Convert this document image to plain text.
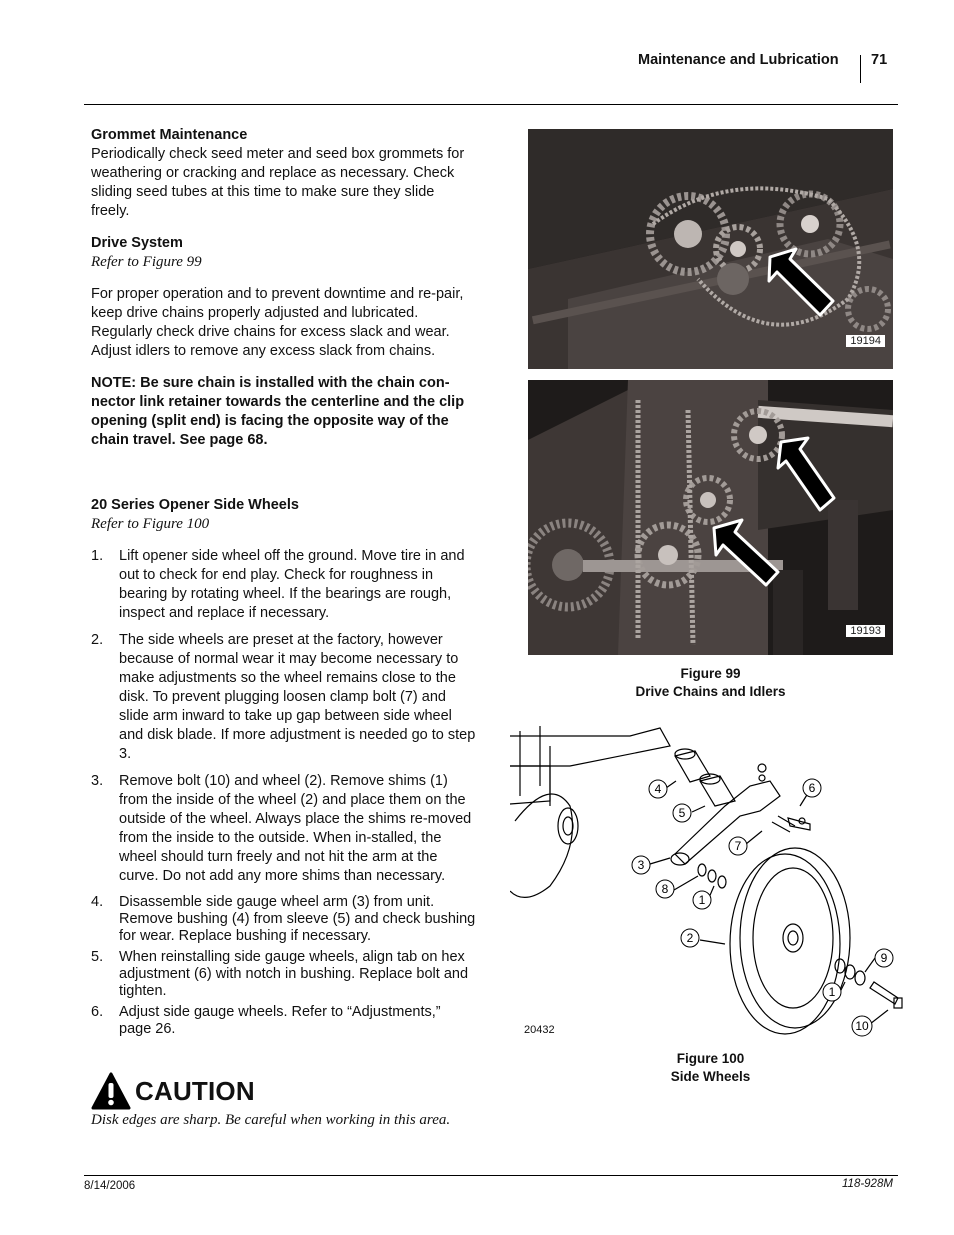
Maintenance and Lubrication 71
Grommet Maintenance

Periodically check seed meter and seed box grommets for weathering or cracking and replace as necessary. Check sliding seed tubes at this time to make sure they slide freely.

Drive System

Refer to Figure 99

For proper operation and to prevent downtime and re-pair, keep drive chains properly adjusted and lubricated. Regularly check drive chains for excess slack and wear. Adjust idlers to remove any excess slack from chains.

NOTE: Be sure chain is installed with the chain con-nector link retainer towards the centerline and the clip opening (split end) is facing the opposite way of the chain travel. See page 68.

20 Series Opener Side Wheels

Refer to Figure 100

1. Lift opener side wheel off the ground. Move tire in and out to check for end play. Check for roughness in bearing by rotating wheel. If the bearings are rough, inspect and replace if necessary.
2. The side wheels are preset at the factory, however because of normal wear it may become necessary to make adjustments so the wheel remains close to the disk. To prevent plugging loosen clamp bolt (7) and slide arm inward to take up gap between side wheel and disk blade. If more adjustment is needed go to step 3.
3. Remove bolt (10) and wheel (2). Remove shims (1) from the inside of the wheel (2) and place them on the outside of the wheel. Always place the shims re-moved from the inside to the outside. When in-stalled, the wheel should turn freely and not hit the arm at the curve. Do not add any more shims than necessary.
4. Disassemble side gauge wheel arm (3) from unit. Remove bushing (4) from sleeve (5) and check bushing for wear. Replace bushing if necessary.
5. When reinstalling side gauge wheels, align tab on hex adjustment (6) with notch in bushing. Replace bolt and tighten.
6. Adjust side gauge wheels. Refer to “Adjustments,” page 26.
CAUTION
Disk edges are sharp. Be careful when working in this area.
19194
19193
Figure 99
Drive Chains and Idlers
4
5
6
7
3
8
1
2
9
1
10
20432
Figure 100
Side Wheels
8/14/2006	118-928M
